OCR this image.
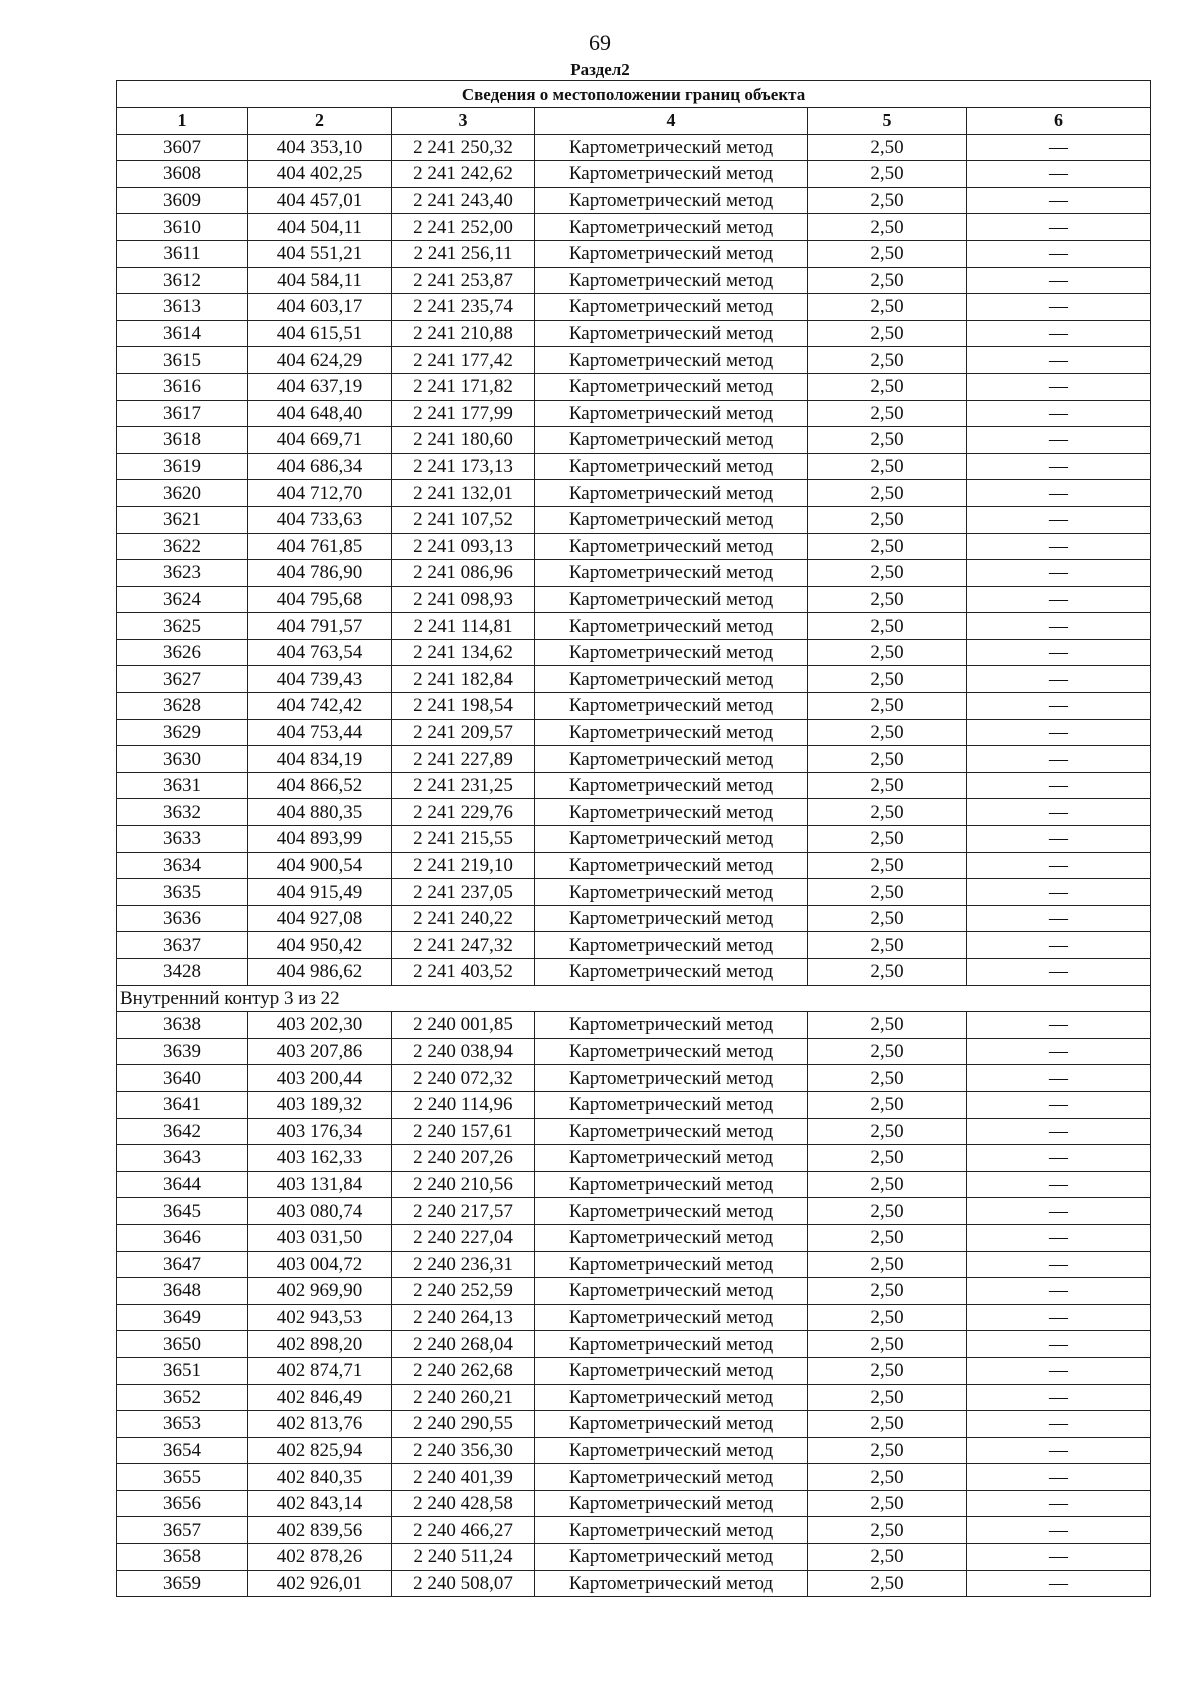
69
Раздел2
Сведения о местоположении границ объекта					
1	2	3	4	5	6
3607	404 353,10	2 241 250,32	Картометрический метод	2,50	—
3608	404 402,25	2 241 242,62	Картометрический метод	2,50	—
3609	404 457,01	2 241 243,40	Картометрический метод	2,50	—
3610	404 504,11	2 241 252,00	Картометрический метод	2,50	—
3611	404 551,21	2 241 256,11	Картометрический метод	2,50	—
3612	404 584,11	2 241 253,87	Картометрический метод	2,50	—
3613	404 603,17	2 241 235,74	Картометрический метод	2,50	—
3614	404 615,51	2 241 210,88	Картометрический метод	2,50	—
3615	404 624,29	2 241 177,42	Картометрический метод	2,50	—
3616	404 637,19	2 241 171,82	Картометрический метод	2,50	—
3617	404 648,40	2 241 177,99	Картометрический метод	2,50	—
3618	404 669,71	2 241 180,60	Картометрический метод	2,50	—
3619	404 686,34	2 241 173,13	Картометрический метод	2,50	—
3620	404 712,70	2 241 132,01	Картометрический метод	2,50	—
3621	404 733,63	2 241 107,52	Картометрический метод	2,50	—
3622	404 761,85	2 241 093,13	Картометрический метод	2,50	—
3623	404 786,90	2 241 086,96	Картометрический метод	2,50	—
3624	404 795,68	2 241 098,93	Картометрический метод	2,50	—
3625	404 791,57	2 241 114,81	Картометрический метод	2,50	—
3626	404 763,54	2 241 134,62	Картометрический метод	2,50	—
3627	404 739,43	2 241 182,84	Картометрический метод	2,50	—
3628	404 742,42	2 241 198,54	Картометрический метод	2,50	—
3629	404 753,44	2 241 209,57	Картометрический метод	2,50	—
3630	404 834,19	2 241 227,89	Картометрический метод	2,50	—
3631	404 866,52	2 241 231,25	Картометрический метод	2,50	—
3632	404 880,35	2 241 229,76	Картометрический метод	2,50	—
3633	404 893,99	2 241 215,55	Картометрический метод	2,50	—
3634	404 900,54	2 241 219,10	Картометрический метод	2,50	—
3635	404 915,49	2 241 237,05	Картометрический метод	2,50	—
3636	404 927,08	2 241 240,22	Картометрический метод	2,50	—
3637	404 950,42	2 241 247,32	Картометрический метод	2,50	—
3428	404 986,62	2 241 403,52	Картометрический метод	2,50	—
Внутренний контур 3 из 22					
3638	403 202,30	2 240 001,85	Картометрический метод	2,50	—
3639	403 207,86	2 240 038,94	Картометрический метод	2,50	—
3640	403 200,44	2 240 072,32	Картометрический метод	2,50	—
3641	403 189,32	2 240 114,96	Картометрический метод	2,50	—
3642	403 176,34	2 240 157,61	Картометрический метод	2,50	—
3643	403 162,33	2 240 207,26	Картометрический метод	2,50	—
3644	403 131,84	2 240 210,56	Картометрический метод	2,50	—
3645	403 080,74	2 240 217,57	Картометрический метод	2,50	—
3646	403 031,50	2 240 227,04	Картометрический метод	2,50	—
3647	403 004,72	2 240 236,31	Картометрический метод	2,50	—
3648	402 969,90	2 240 252,59	Картометрический метод	2,50	—
3649	402 943,53	2 240 264,13	Картометрический метод	2,50	—
3650	402 898,20	2 240 268,04	Картометрический метод	2,50	—
3651	402 874,71	2 240 262,68	Картометрический метод	2,50	—
3652	402 846,49	2 240 260,21	Картометрический метод	2,50	—
3653	402 813,76	2 240 290,55	Картометрический метод	2,50	—
3654	402 825,94	2 240 356,30	Картометрический метод	2,50	—
3655	402 840,35	2 240 401,39	Картометрический метод	2,50	—
3656	402 843,14	2 240 428,58	Картометрический метод	2,50	—
3657	402 839,56	2 240 466,27	Картометрический метод	2,50	—
3658	402 878,26	2 240 511,24	Картометрический метод	2,50	—
3659	402 926,01	2 240 508,07	Картометрический метод	2,50	—
